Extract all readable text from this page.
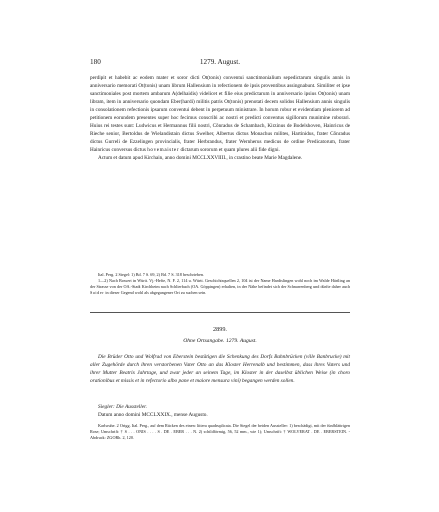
180	1279. August.

perdipit et habebit ac eodem mater et soror dicti Ot(tonis) conventui sanctimonialium sepedictarum singulis annis in anniversario memorati Ot(tonis) unam librum Hallensium in refectionem de ipsis proventibus assingnabunt. Similiter et ipse sanctimoniales post mortem ambarum A(delhaidis) videlicet et filie eius predictarum in anniversario ipsius Ot(tonis) unam libram, item in anniversario quondam Eber(hardi) militis patris Ot(tonis) prenotati decem solidos Hallensium annis singulis in consolationem refectionis ipsarum conventui debent in perpetuum ministrare. In horum robur et evidentiam pleniorem ad petitionem eorundem presentes super hoc fecimus conscribi ac nostri et predicti conventus sigillorum munimine roborari. Huius rei testes sunt: Ludwicus et Hermannus filii nostri, Cǒnradus de Schambach, Kirzinus de Bodelshoven, Hainricus de Rieche senior, Bertoldus de Wielandistain dictus Swelher, Albertus dictus Monachus milites, Hartinidus, frater Cǒnradus dictus Gurreli de Ezzelingen provincialis, frater Herbrandus, frater Wernherus medicus de ordine Predicatorum, frater Hainricus conversus dictus hovemaister dictarum sororum et quam plures alii fide digni.

Actum et datum apud Kirchain, anno domini MCCLXXVIIII., in crastino beate Marie Magdalene.

Ital. Perg. 2 Siegel: 1) Bd. 7 S. 69, 2) Bd. 7 S. 318 beschrieben.

1—2) Nach Bossert in Württ. Vj.-Hefte, N. F. 2, 114 u. Württ. Geschichtsquellen 2, 104 ist der Name Hardtslingen wohl noch im Walde Härtling an der Strasse von der OA.-Stadt Kirchheim nach Schlierbach (OA. Göppingen) erhalten, in der Nähe befindet sich der Schnarrenberg und dürfte daher auch Saider in dieser Gegend wohl als abgegangener Ort zu suchen sein.

2899.
Ohne Ortsangabe. 1279. August.

Die Brüder Otto und Wolfrad von Eberstein bestätigen die Schenkung des Dorfs Bahnbrücken (ville Banbrucke) mit aller Zugehörde durch ihren verstorbenen Vater Otto an das Kloster Herrenalb und bestimmen, dass ihres Vaters und ihrer Mutter Beatrix Jahrtage, und zwar jeder an seinem Tage, im Kloster in der daselbst üblichen Weise (in choro orationibus et missis et in refectorio albo pane et maiore mensura vini) begangen werden sollen.

Siegler: Die Aussteller.

Datum anno domini MCCLXXIX., mense Augusto.

Karlsruhe. 2 Origg. Ital. Perg., auf dem Rücken des einen: littera quadruplicata. Die Siegel der beiden Aussteller: 1) beschädigt, mit der fünfblättrigen Rose; Umschrift: † S . . . ONIS . . . . S . DE . EBER . . . N. 2) schildförmig, 56, 52 mm., wie 1); Umschrift: † WOLVERAT . DE . EBERSTEIN. - Abdruck: ZGORh. 2, 120.
